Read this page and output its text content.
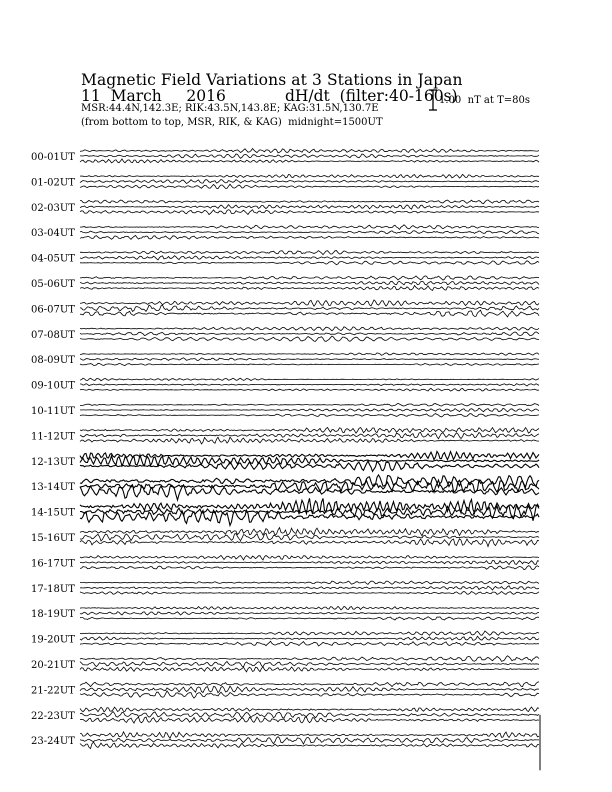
Magnetic Field Variations at 3 Stations in Japan
11  March     2016            dH/dt  (filter:40-160s)
MSR:44.4N,142.3E; RIK:43.5N,143.8E; KAG:31.5N,130.7E
(from bottom to top, MSR, RIK, & KAG)  midnight=1500UT
1.00  nT at T=80s
00-01UT
01-02UT
02-03UT
03-04UT
04-05UT
05-06UT
06-07UT
07-08UT
08-09UT
09-10UT
10-11UT
11-12UT
12-13UT
13-14UT
14-15UT
15-16UT
16-17UT
17-18UT
18-19UT
19-20UT
20-21UT
21-22UT
22-23UT
23-24UT
